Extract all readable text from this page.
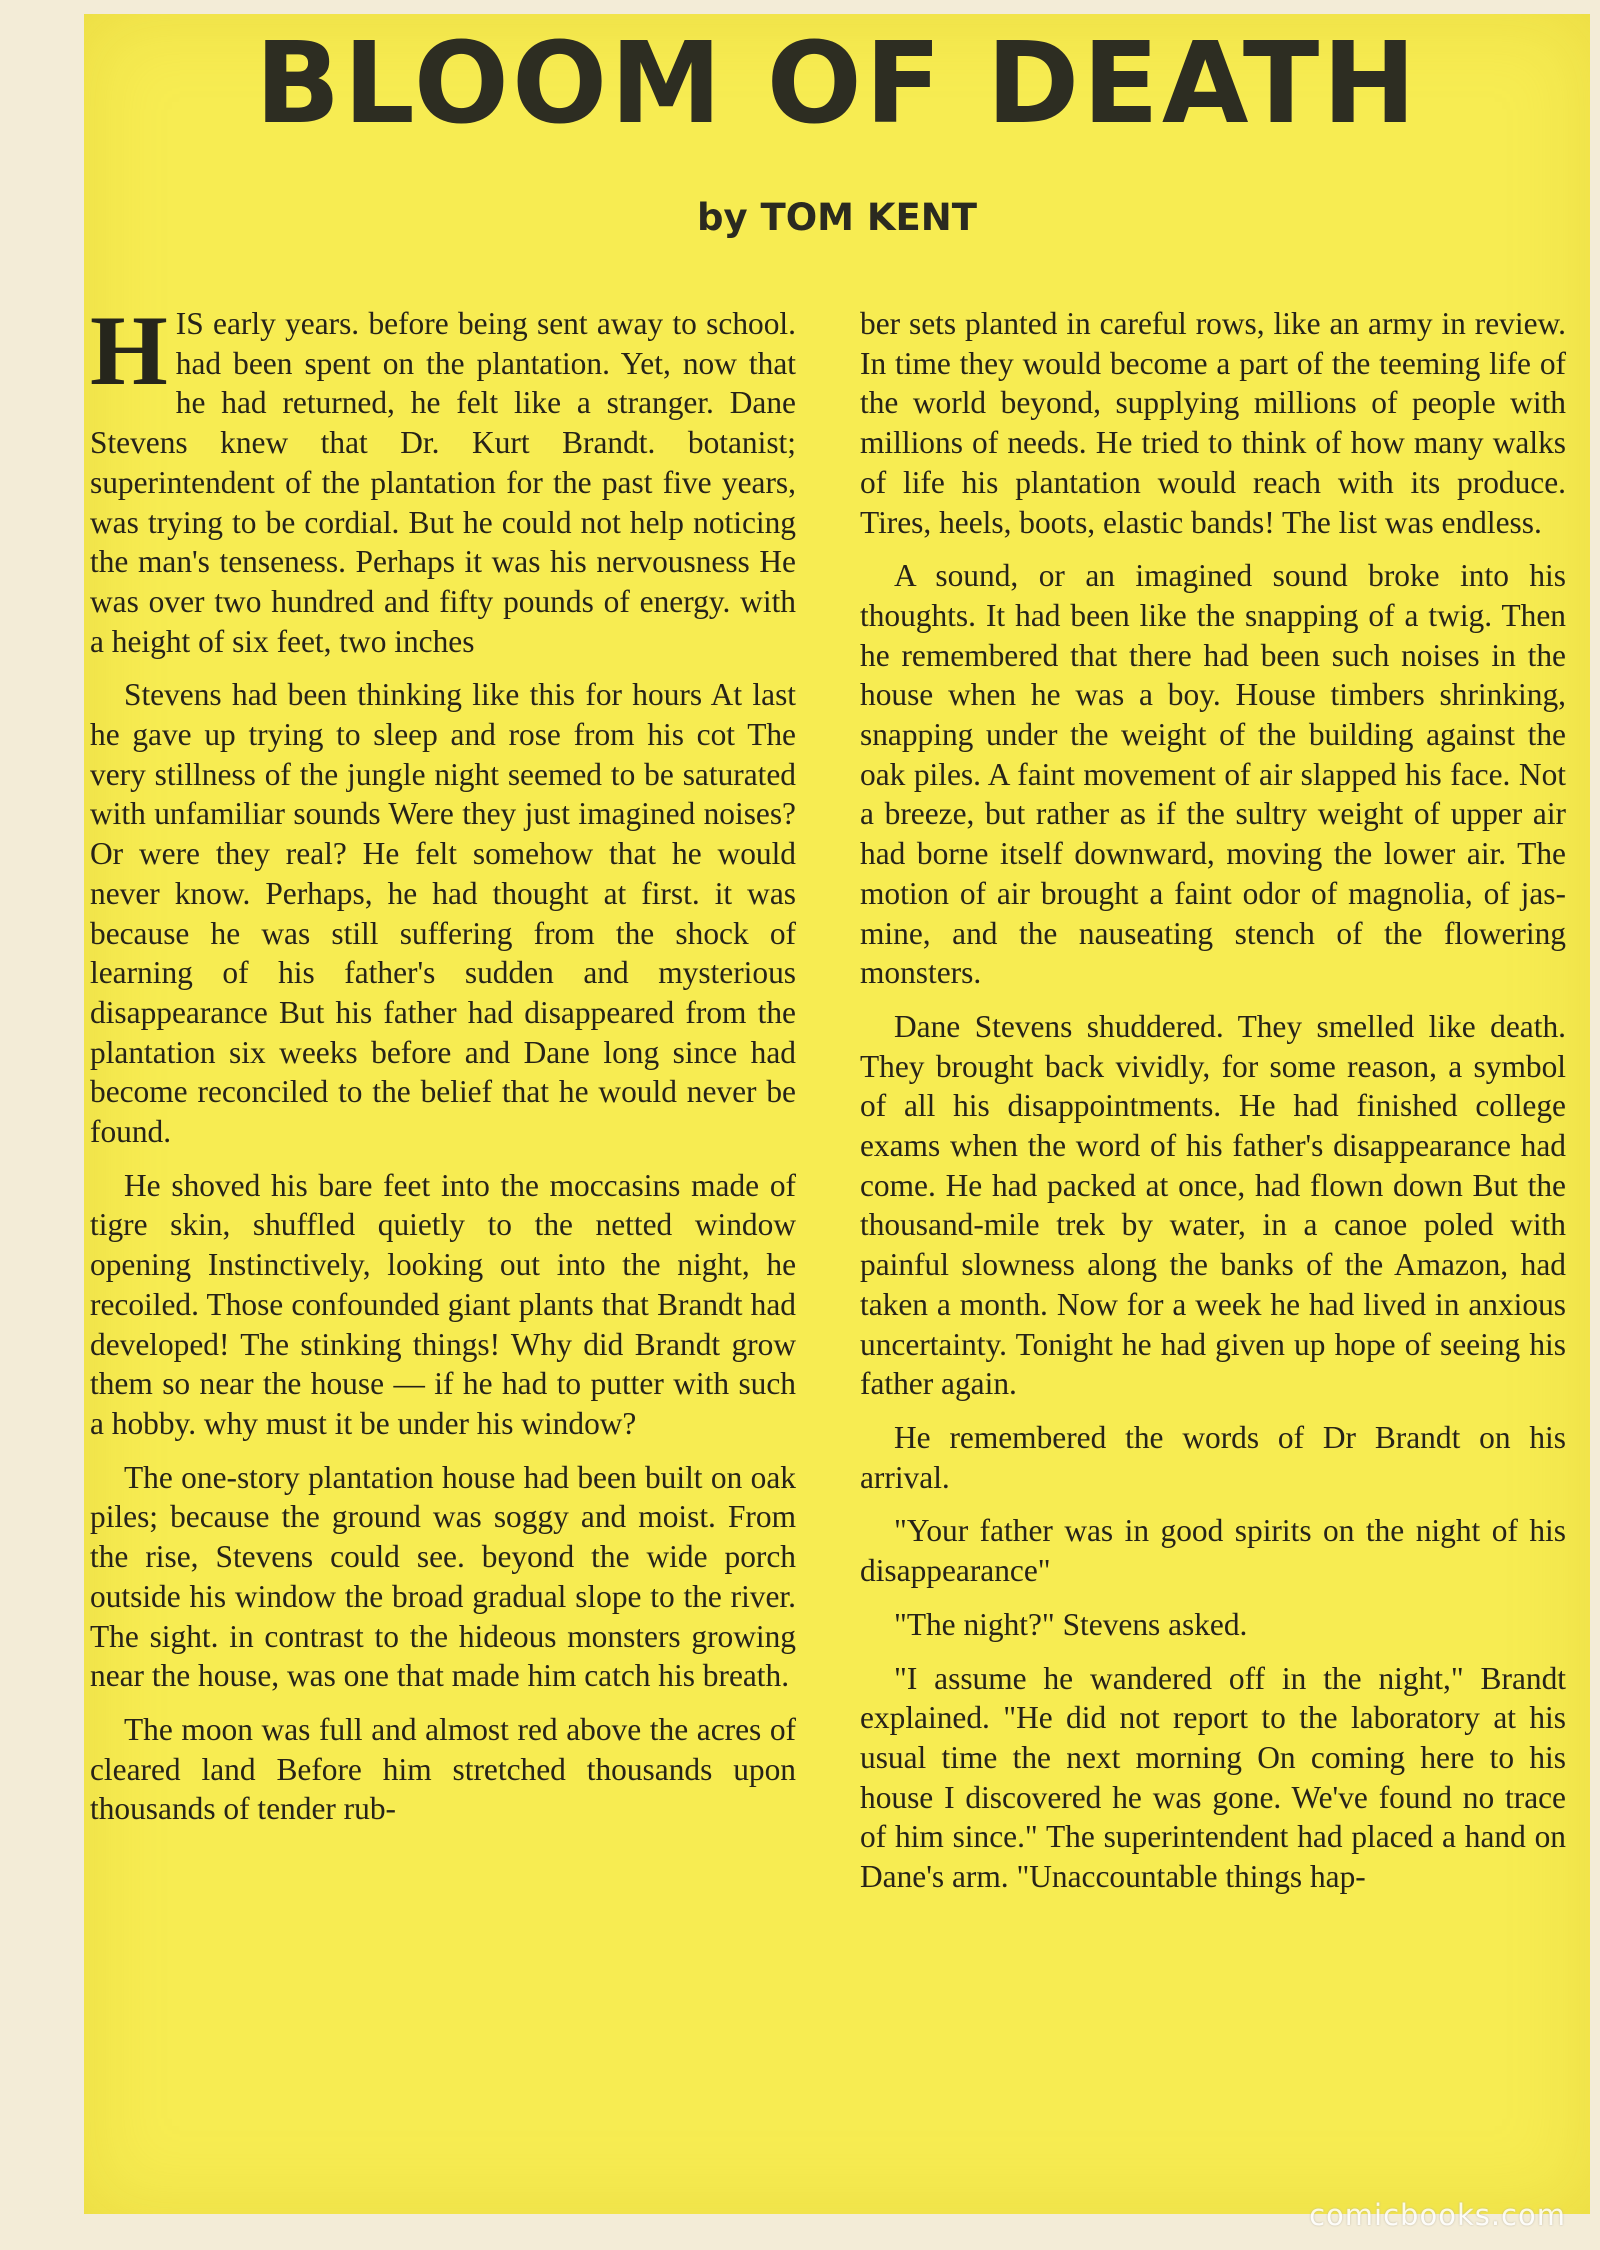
BLOOM OF DEATH
by TOM KENT

HIS early years. before being sent away to school. had been spent on the plantation. Yet, now that he had returned, he felt like a stranger. Dane Stevens knew that Dr. Kurt Brandt. botanist; superintendent of the plantation for the past five years, was trying to be cordial. But he could not help noticing the man's tenseness. Perhaps it was his nervousness He was over two hundred and fifty pounds of energy. with a height of six feet, two inches

Stevens had been thinking like this for hours At last he gave up trying to sleep and rose from his cot The very stillness of the jungle night seemed to be saturated with unfamiliar sounds Were they just imagined noises? Or were they real? He felt somehow that he would never know. Perhaps, he had thought at first. it was because he was still suffering from the shock of learning of his father's sudden and mysterious disappearance But his father had disappeared from the plantation six weeks before and Dane long since had become reconciled to the belief that he would never be found.

He shoved his bare feet into the moccasins made of tigre skin, shuffled quietly to the netted window opening Instinctively, looking out into the night, he recoiled. Those confounded giant plants that Brandt had developed! The stinking things! Why did Brandt grow them so near the house — if he had to putter with such a hobby. why must it be under his window?

The one-story plantation house had been built on oak piles; because the ground was soggy and moist. From the rise, Stevens could see. beyond the wide porch outside his window the broad gradual slope to the river. The sight. in contrast to the hideous monsters growing near the house, was one that made him catch his breath.

The moon was full and almost red above the acres of cleared land Before him stretched thousands upon thousands of tender rub-

ber sets planted in careful rows, like an army in review. In time they would become a part of the teeming life of the world beyond, supplying millions of people with millions of needs. He tried to think of how many walks of life his plantation would reach with its produce. Tires, heels, boots, elastic bands! The list was endless.

A sound, or an imagined sound broke into his thoughts. It had been like the snapping of a twig. Then he remembered that there had been such noises in the house when he was a boy. House timbers shrinking, snapping under the weight of the building against the oak piles. A faint movement of air slapped his face. Not a breeze, but rather as if the sultry weight of upper air had borne itself downward, moving the lower air. The motion of air brought a faint odor of magnolia, of jasmine, and the nauseating stench of the flowering monsters.

Dane Stevens shuddered. They smelled like death. They brought back vividly, for some reason, a symbol of all his disappointments. He had finished college exams when the word of his father's disappearance had come. He had packed at once, had flown down But the thousand-mile trek by water, in a canoe poled with painful slowness along the banks of the Amazon, had taken a month. Now for a week he had lived in anxious uncertainty. Tonight he had given up hope of seeing his father again.

He remembered the words of Dr Brandt on his arrival.

"Your father was in good spirits on the night of his disappearance"

"The night?" Stevens asked.

"I assume he wandered off in the night," Brandt explained. "He did not report to the laboratory at his usual time the next morning On coming here to his house I discovered he was gone. We've found no trace of him since." The superintendent had placed a hand on Dane's arm. "Unaccountable things hap-

comicbooks.com
